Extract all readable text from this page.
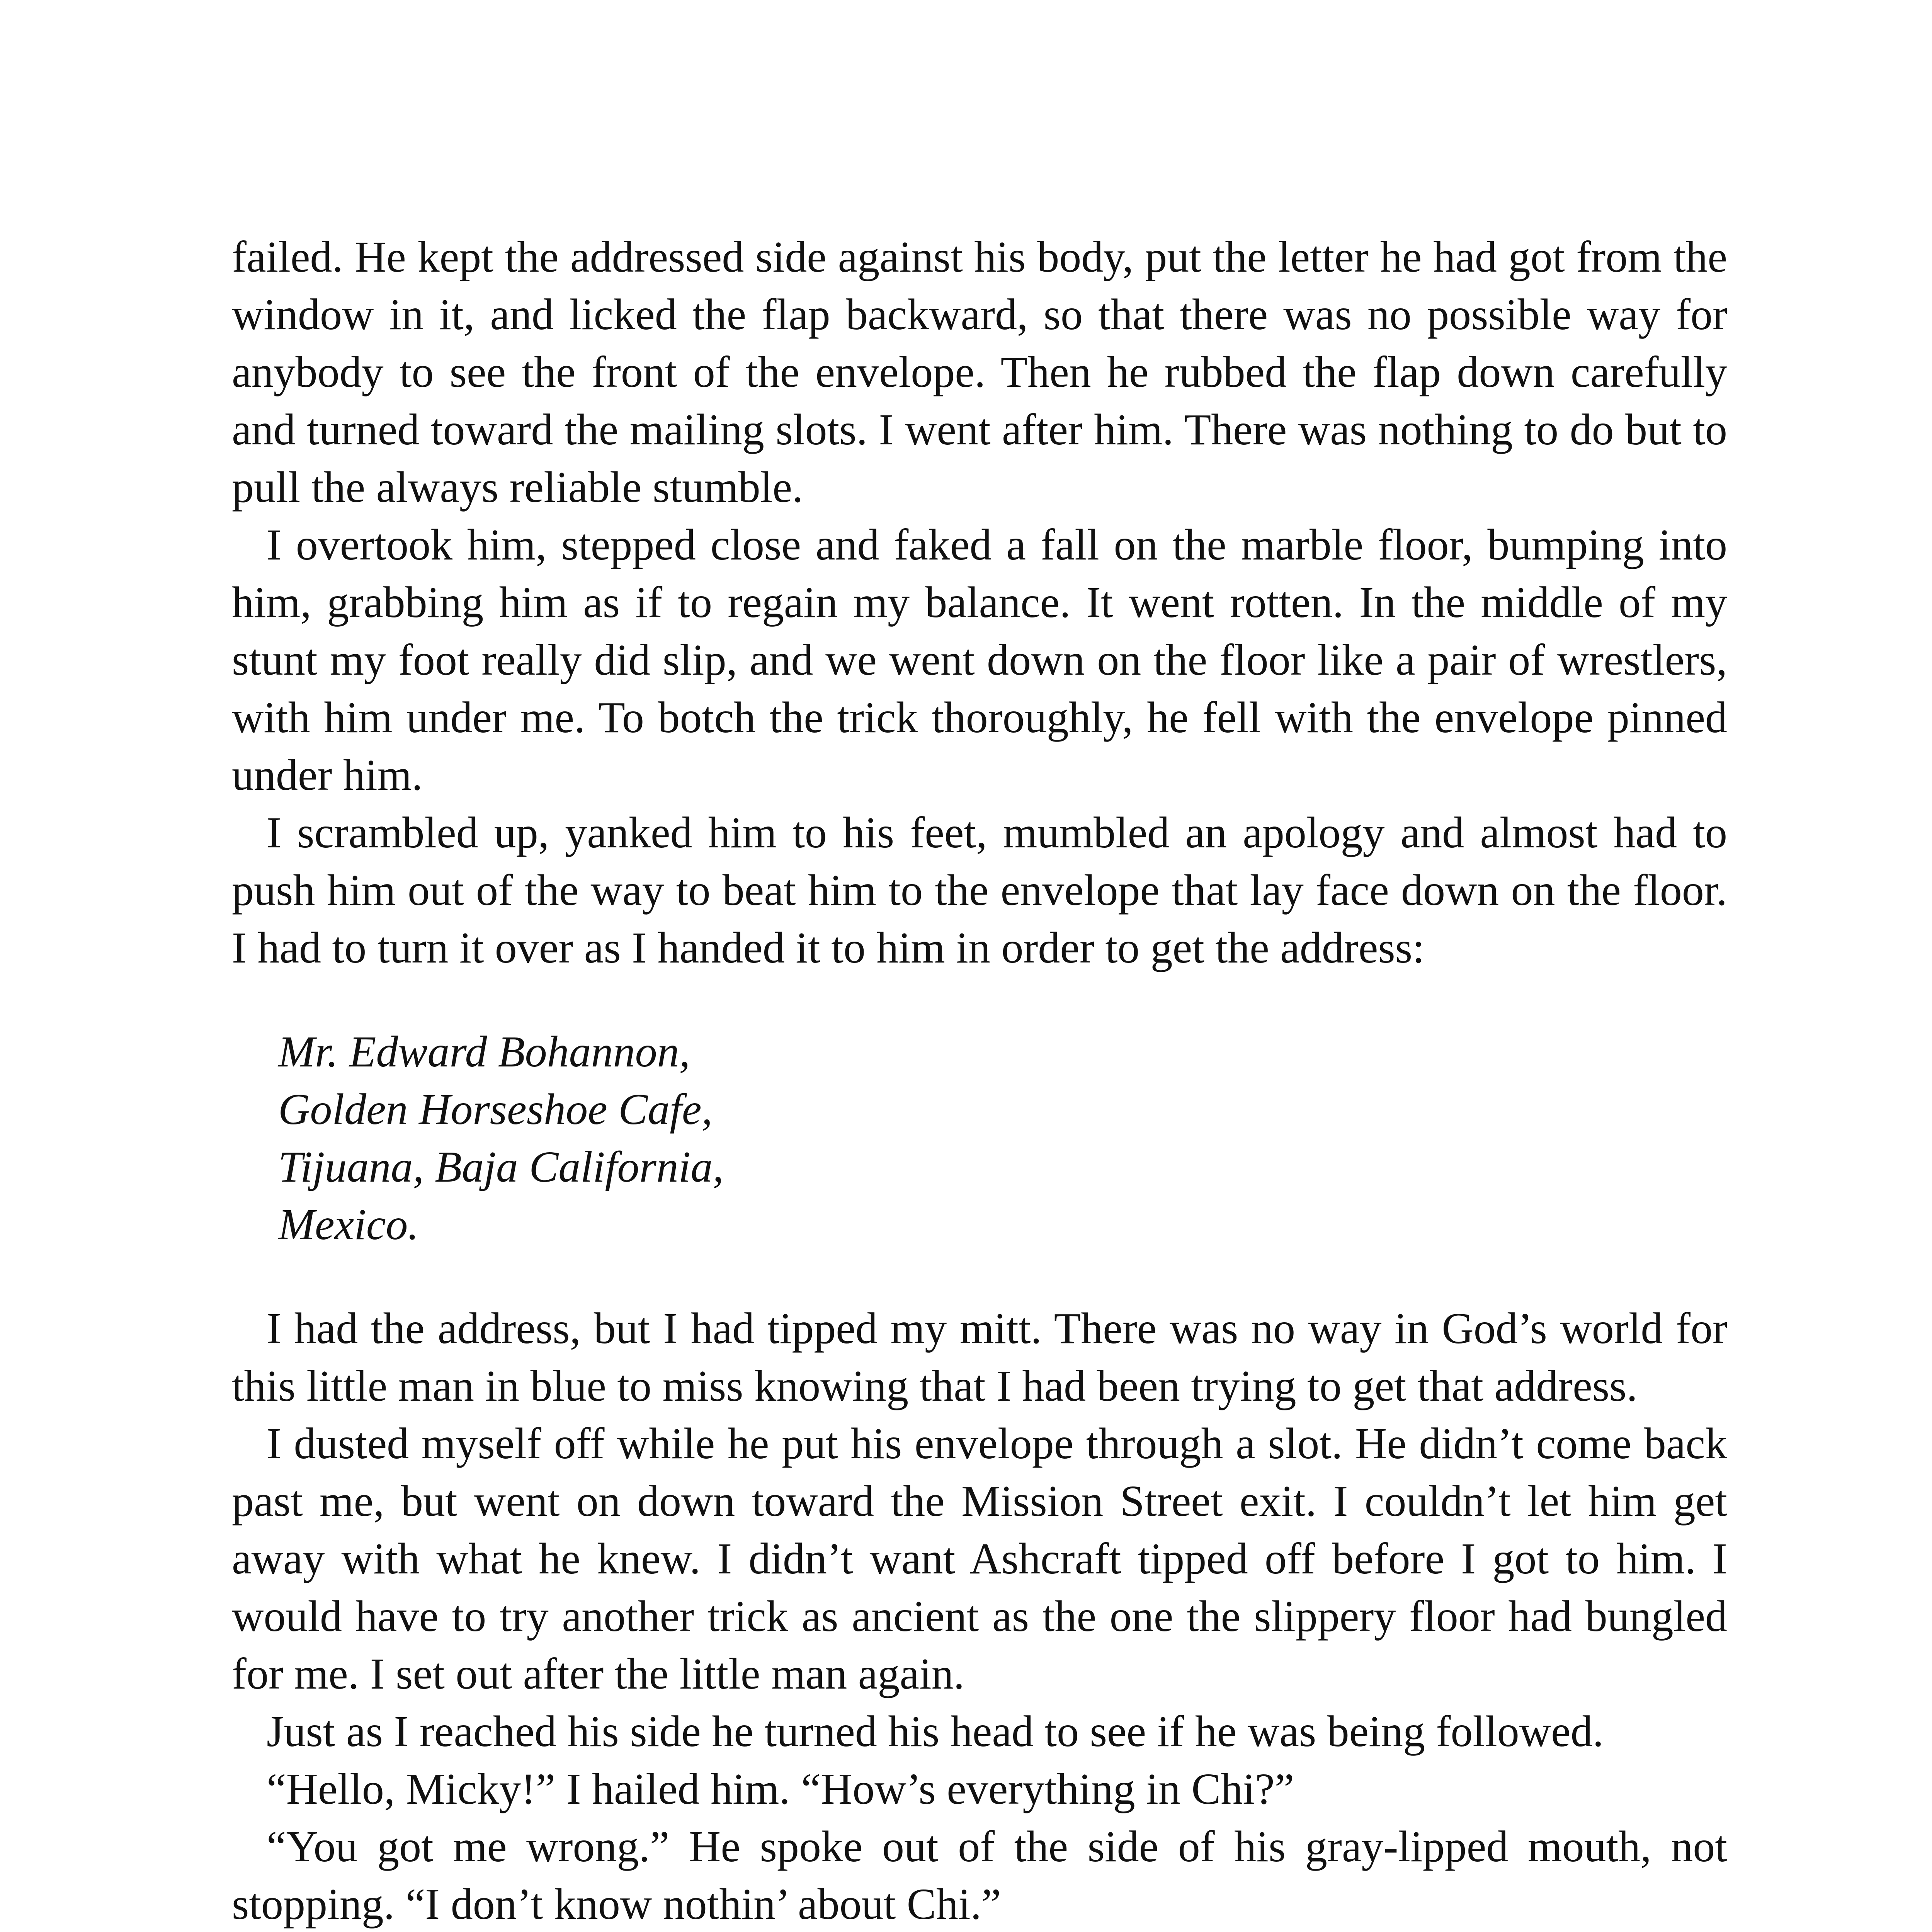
failed. He kept the addressed side against his body, put the letter he had got from the window in it, and licked the flap backward, so that there was no possible way for anybody to see the front of the envelope. Then he rubbed the flap down carefully and turned toward the mailing slots. I went after him. There was nothing to do but to pull the always reliable stumble.

I overtook him, stepped close and faked a fall on the marble floor, bumping into him, grabbing him as if to regain my balance. It went rotten. In the middle of my stunt my foot really did slip, and we went down on the floor like a pair of wrestlers, with him under me. To botch the trick thoroughly, he fell with the envelope pinned under him.

I scrambled up, yanked him to his feet, mumbled an apology and almost had to push him out of the way to beat him to the envelope that lay face down on the floor. I had to turn it over as I handed it to him in order to get the address:

Mr. Edward Bohannon,
Golden Horseshoe Cafe,
Tijuana, Baja California,
Mexico.

I had the address, but I had tipped my mitt. There was no way in God’s world for this little man in blue to miss knowing that I had been trying to get that address.

I dusted myself off while he put his envelope through a slot. He didn’t come back past me, but went on down toward the Mission Street exit. I couldn’t let him get away with what he knew. I didn’t want Ashcraft tipped off before I got to him. I would have to try another trick as ancient as the one the slippery floor had bungled for me. I set out after the little man again.

Just as I reached his side he turned his head to see if he was being followed.

“Hello, Micky!” I hailed him. “How’s everything in Chi?”

“You got me wrong.” He spoke out of the side of his gray-lipped mouth, not stopping. “I don’t know nothin’ about Chi.”
